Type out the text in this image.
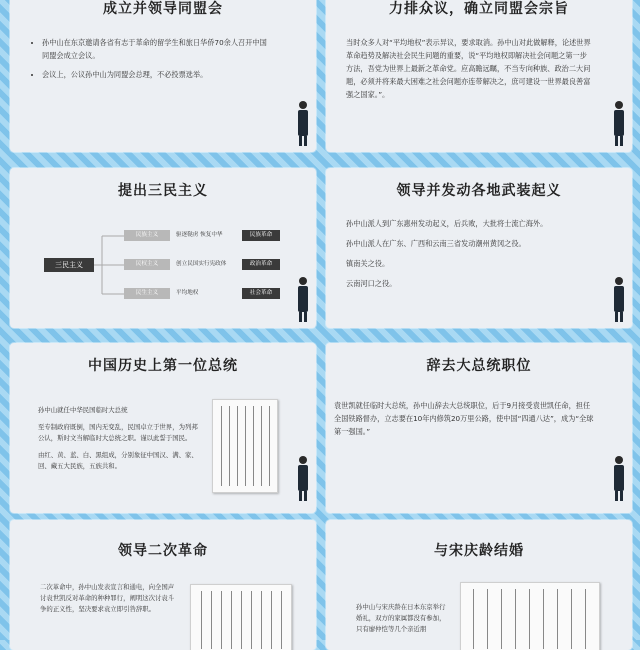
成立并领导同盟会
• 孙中山在东京邀请各省有志于革命的留学生和旅日华侨70余人召开中国同盟会成立会议。
• 会议上，公议孙中山为同盟会总理，不必投票选举。
力排众议，确立同盟会宗旨

当时众多人对“平均地权”表示异议，要求取消。孙中山对此做解释，论述世界革命趋势及解决社会民生问题的重要，说“平均地权即解决社会问题之第一步方法，吾党为世界上最新之革命党。应高瞻远瞩，不当专向种族、政治二大问题，必须并将来最大困难之社会问题亦连带解决之，庶可建设一世界最良善富强之国家。”。

提出三民主义
三民主义
民族主义	驱逐鞑虏 恢复中华	民族革命
民权主义	创立民国实行宪政体	政治革命
民生主义	平均地权	社会革命
领导并发动各地武装起义

孙中山派人到广东惠州发动起义，后兵败，大批将士流亡海外。

孙中山派人在广东、广西和云南三省发动潮州黄冈之役。

镇南关之役。

云南河口之役。

中国历史上第一位总统

孙中山就任中华民国临时大总统

至专制政府既倒，国内无变乱，民国卓立于世界，为列邦公认，斯时文当解临时大总统之职。谨以此誓于国民。

由红、黄、蓝、白、黑组成，分别象征中国汉、满、家、回、藏五大民族，五族共和。

辞去大总统职位

袁世凯就任临时大总统，孙中山辞去大总统职位，后于9月接受袁世凯任命，担任全国铁路督办，立志要在10年内修筑20万里公路，使中国“四通八达”，成为“全球第一强国。”

领导二次革命

二次革命中，孙中山发表宣言和通电，向全国声讨袁世凯反对革命的种种罪行，阐明这次讨袁斗争的正义性，坚决要求袁立即引咎辞职。

与宋庆龄结婚

孙中山与宋庆龄在日本东京举行婚礼，双方的家属都没有参加，只有廖仲恺等几个亲近朋
